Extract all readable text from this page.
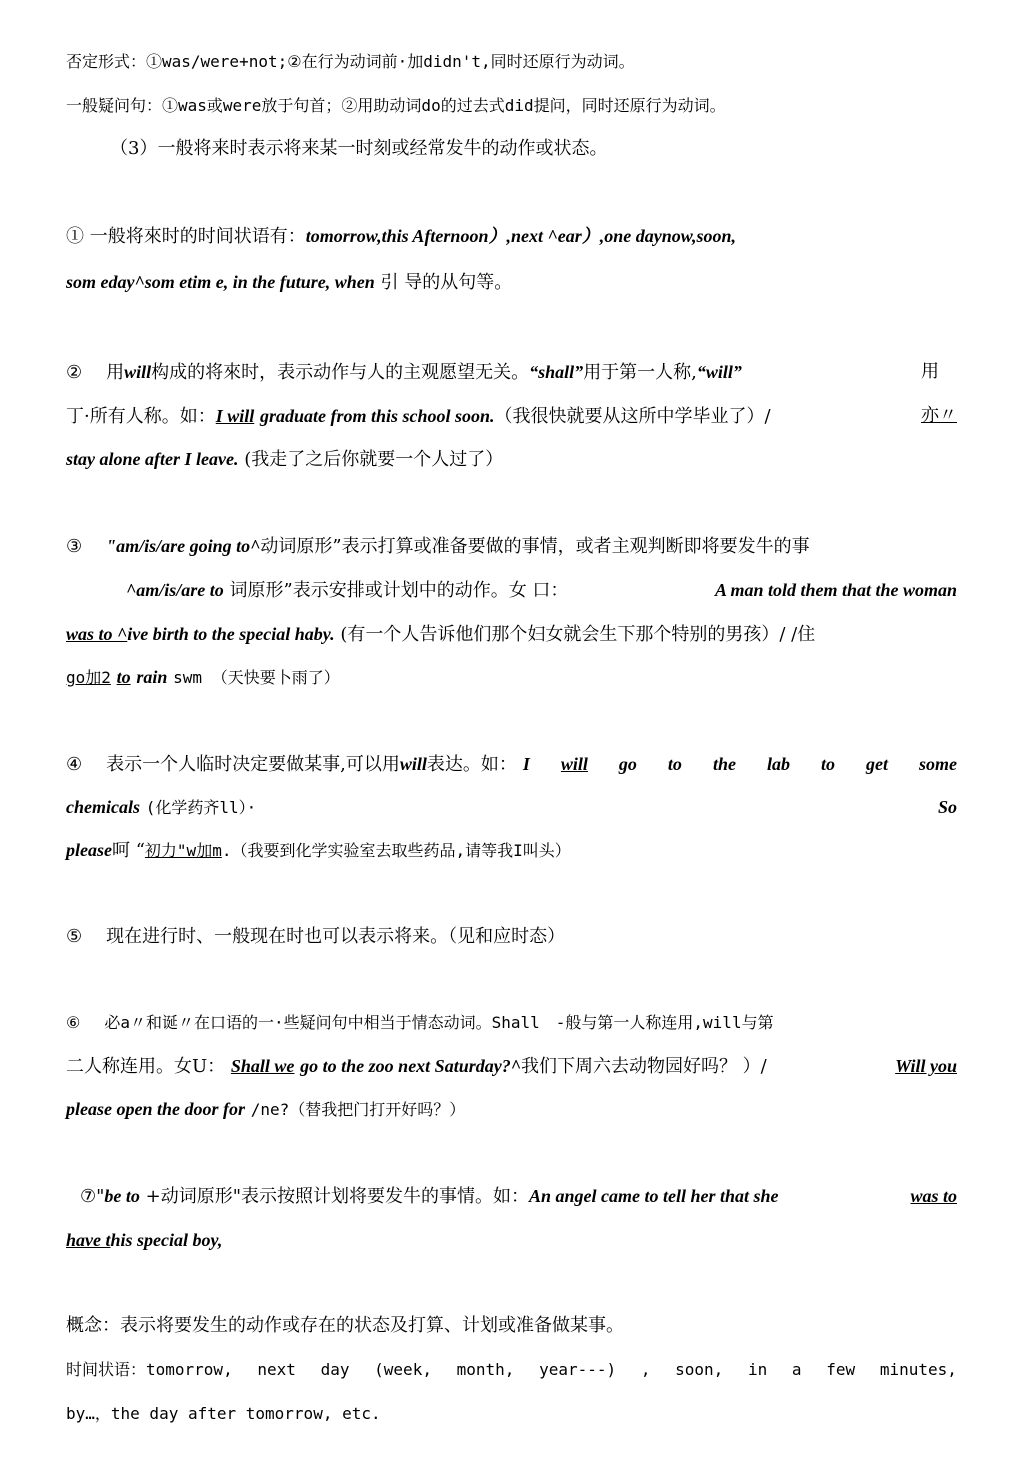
否定形式：①was/were+not;②在行为动词前·加didn't,同时还原行为动词。
一般疑问句：①was或were放于句首；②用助动词do的过去式did提问，同时还原行为动词。
（3）一般将来时表示将来某一时刻或经常发牛的动作或状态。
① 一般将來时的时间状语有：tomorrow,this Afternoon）,next ^ear）,one daynow,soon,
som eday^som etim e, in the future, when 引 导的从句等。
② 用will构成的将來时，表示动作与人的主观愿望无关。“shall”用于第一人称,“will”	用
丁·所有人称。如：I will graduate from this school soon.（我很快就要从这所中学毕业了）/	亦〃
stay alone after I leave. (我走了之后你就要一个人过了）
③ "am/is/are going to^动词原形”表示打算或准备要做的事情，或者主观判断即将要发牛的事
^am/is/are to 词原形”表示安排或计划中的动作。女 口：	A man told them that the woman
was to ^ive birth to the special haby. (有一个人告诉他们那个妇女就会生下那个特别的男孩）/ /住
go加2 to rain swm （天快要卜雨了）
④ 表示一个人临时决定要做某事,可以用will表达。如： I will go to the lab to get some
chemicals (化学药齐ll）·	So
please呵 “初力"w加m.（我要到化学实验室去取些药品,请等我I叫头）
⑤ 现在进行时、一般现在时也可以表示将来。（见和应时态）
⑥ 必a〃和诞〃在口语的一·些疑问句中相当于情态动词。Shall　-般与第一人称连用,will与第
二人称连用。女U： Shall we go to the zoo next Saturday?^我们下周六去动物园好吗？ ）/	Will you
please open the door for /ne?（替我把门打开好吗？）
⑦"be to +动词原形"表示按照计划将要发牛的事情。如：An angel came to tell her that she	was to
have this special boy,
概念：表示将要发生的动作或存在的状态及打算、计划或准备做某事。
时间状语：tomorrow, next day (week, month, year---) , soon, in a few minutes,
by…，the day after tomorrow, etc.
